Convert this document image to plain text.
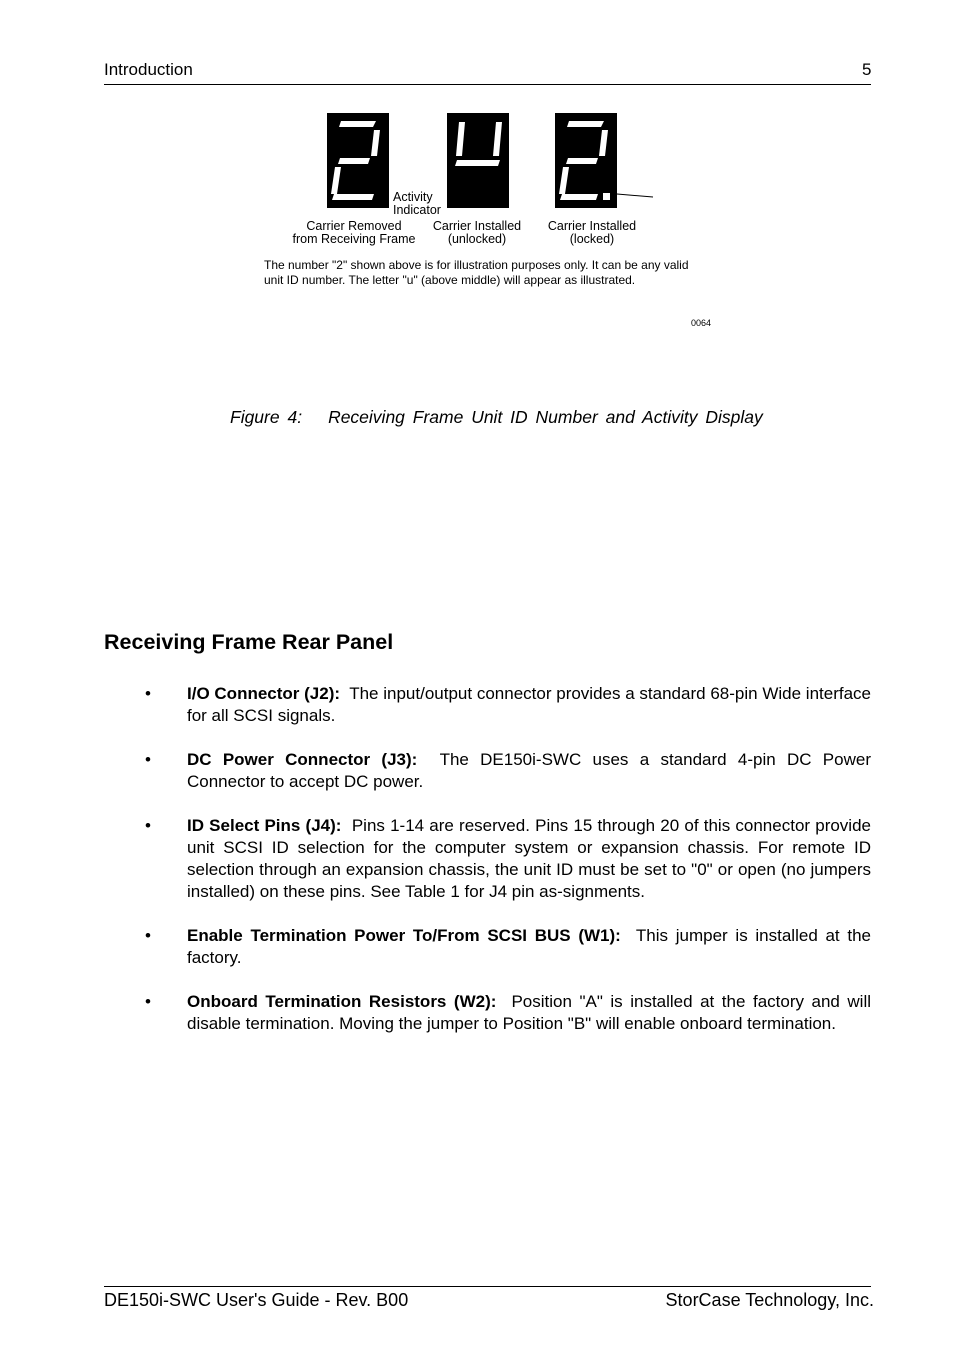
Introduction	5
Activity
Indicator
Carrier Removed
from Receiving Frame
Carrier Installed
(unlocked)
Carrier Installed
(locked)
The number "2" shown above is for illustration purposes only. It can be any valid
unit ID number. The letter "u" (above middle) will appear as illustrated.
0064
Figure 4: Receiving Frame Unit ID Number and Activity Display
Receiving Frame Rear Panel
• I/O Connector (J2): The input/output connector provides a standard 68-pin Wide interface for all SCSI signals.
• DC Power Connector (J3): The DE150i-SWC uses a standard 4-pin DC Power Connector to accept DC power.
• ID Select Pins (J4): Pins 1-14 are reserved. Pins 15 through 20 of this connector provide unit SCSI ID selection for the computer system or expansion chassis. For remote ID selection through an expansion chassis, the unit ID must be set to "0" or open (no jumpers installed) on these pins. See Table 1 for J4 pin as-signments.
• Enable Termination Power To/From SCSI BUS (W1): This jumper is installed at the factory.
• Onboard Termination Resistors (W2): Position "A" is installed at the factory and will disable termination. Moving the jumper to Position "B" will enable onboard termination.
DE150i-SWC User's Guide - Rev. B00	StorCase Technology, Inc.
